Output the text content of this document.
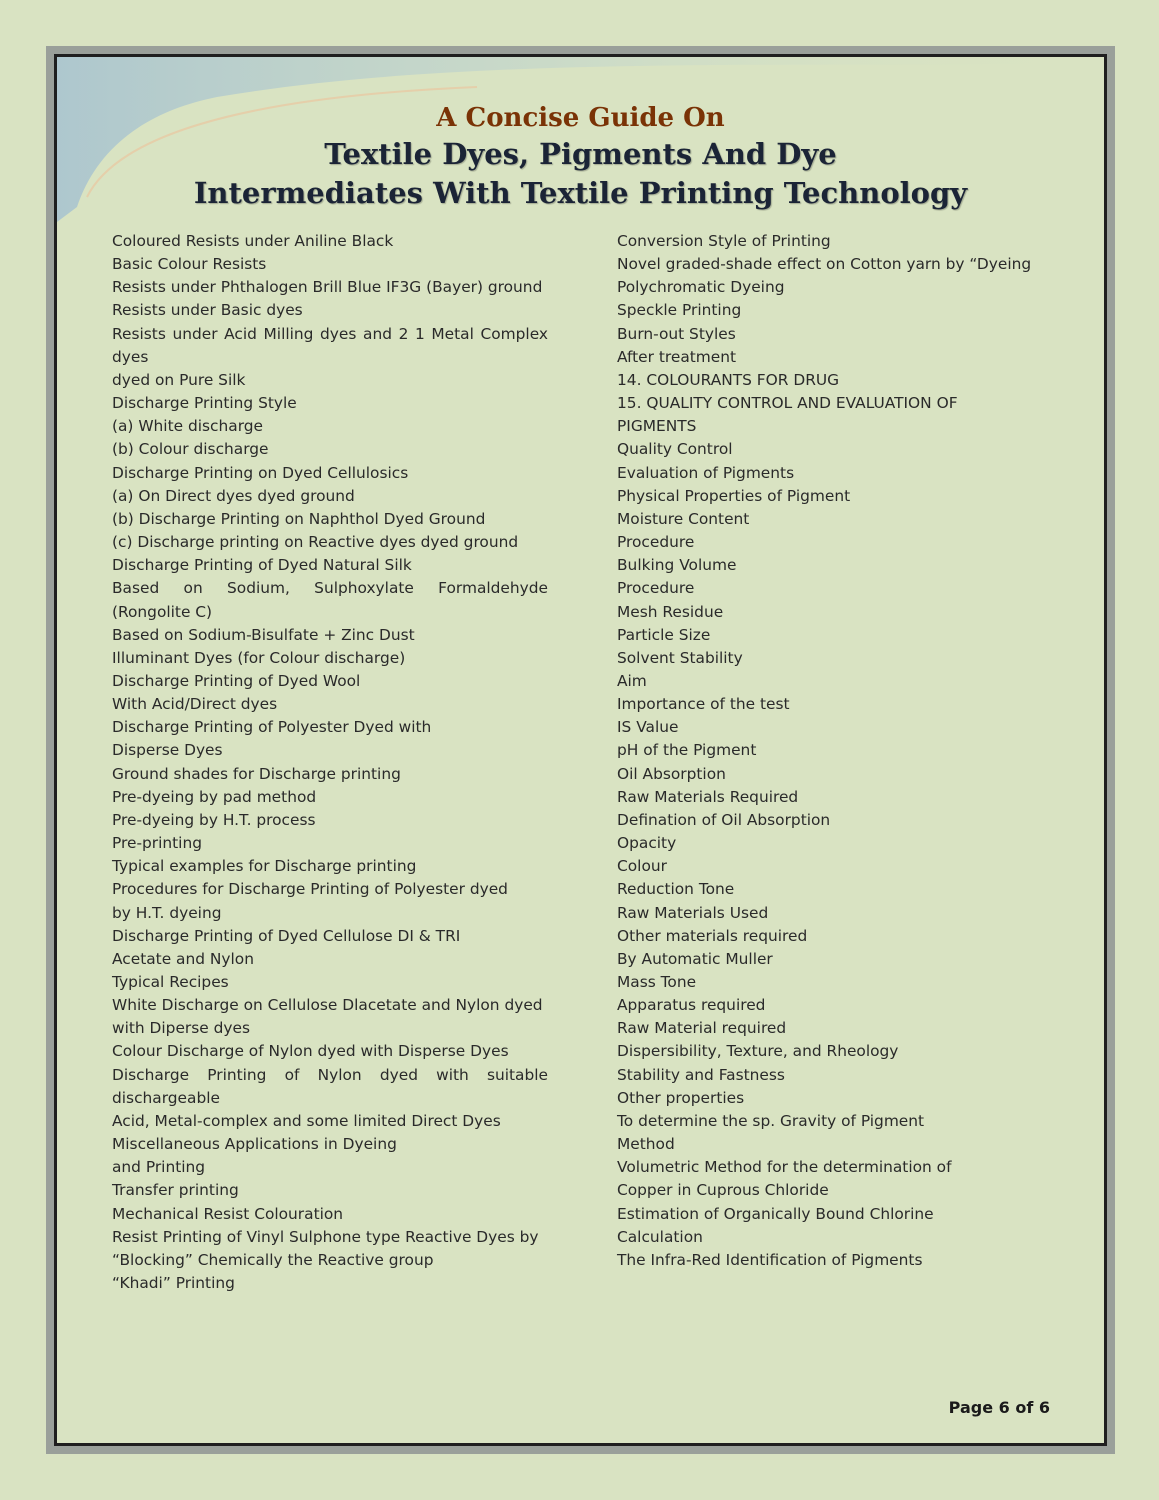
A Concise Guide On
Textile Dyes, Pigments And Dye
Intermediates With Textile Printing Technology
Coloured Resists under Aniline Black
Basic Colour Resists
Resists under Phthalogen Brill Blue IF3G (Bayer) ground
Resists under Basic dyes
Resists under Acid Milling dyes and 2 1 Metal Complex
dyes
dyed on Pure Silk
Discharge Printing Style
(a) White discharge
(b) Colour discharge
Discharge Printing on Dyed Cellulosics
(a) On Direct dyes dyed ground
(b) Discharge Printing on Naphthol Dyed Ground
(c) Discharge printing on Reactive dyes dyed ground
Discharge Printing of Dyed Natural Silk
Based on Sodium, Sulphoxylate Formaldehyde
(Rongolite C)
Based on Sodium-Bisulfate + Zinc Dust
Illuminant Dyes (for Colour discharge)
Discharge Printing of Dyed Wool
With Acid/Direct dyes
Discharge Printing of Polyester Dyed with
Disperse Dyes
Ground shades for Discharge printing
Pre-dyeing by pad method
Pre-dyeing by H.T. process
Pre-printing
Typical examples for Discharge printing
Procedures for Discharge Printing of Polyester dyed
by H.T. dyeing
Discharge Printing of Dyed Cellulose DI & TRI
Acetate and Nylon
Typical Recipes
White Discharge on Cellulose Dlacetate and Nylon dyed
with Diperse dyes
Colour Discharge of Nylon dyed with Disperse Dyes
Discharge Printing of Nylon dyed with suitable
dischargeable
Acid, Metal-complex and some limited Direct Dyes
Miscellaneous Applications in Dyeing
and Printing
Transfer printing
Mechanical Resist Colouration
Resist Printing of Vinyl Sulphone type Reactive Dyes by
“Blocking” Chemically the Reactive group
“Khadi” Printing
Conversion Style of Printing
Novel graded-shade effect on Cotton yarn by “Dyeing
Polychromatic Dyeing
Speckle Printing
Burn-out Styles
After treatment
14. COLOURANTS FOR DRUG
15. QUALITY CONTROL AND EVALUATION OF
PIGMENTS
Quality Control
Evaluation of Pigments
Physical Properties of Pigment
Moisture Content
Procedure
Bulking Volume
Procedure
Mesh Residue
Particle Size
Solvent Stability
Aim
Importance of the test
IS Value
pH of the Pigment
Oil Absorption
Raw Materials Required
Defination of Oil Absorption
Opacity
Colour
Reduction Tone
Raw Materials Used
Other materials required
By Automatic Muller
Mass Tone
Apparatus required
Raw Material required
Dispersibility, Texture, and Rheology
Stability and Fastness
Other properties
To determine the sp. Gravity of Pigment
Method
Volumetric Method for the determination of
Copper in Cuprous Chloride
Estimation of Organically Bound Chlorine
Calculation
The Infra-Red Identification of Pigments
Page 6 of 6
